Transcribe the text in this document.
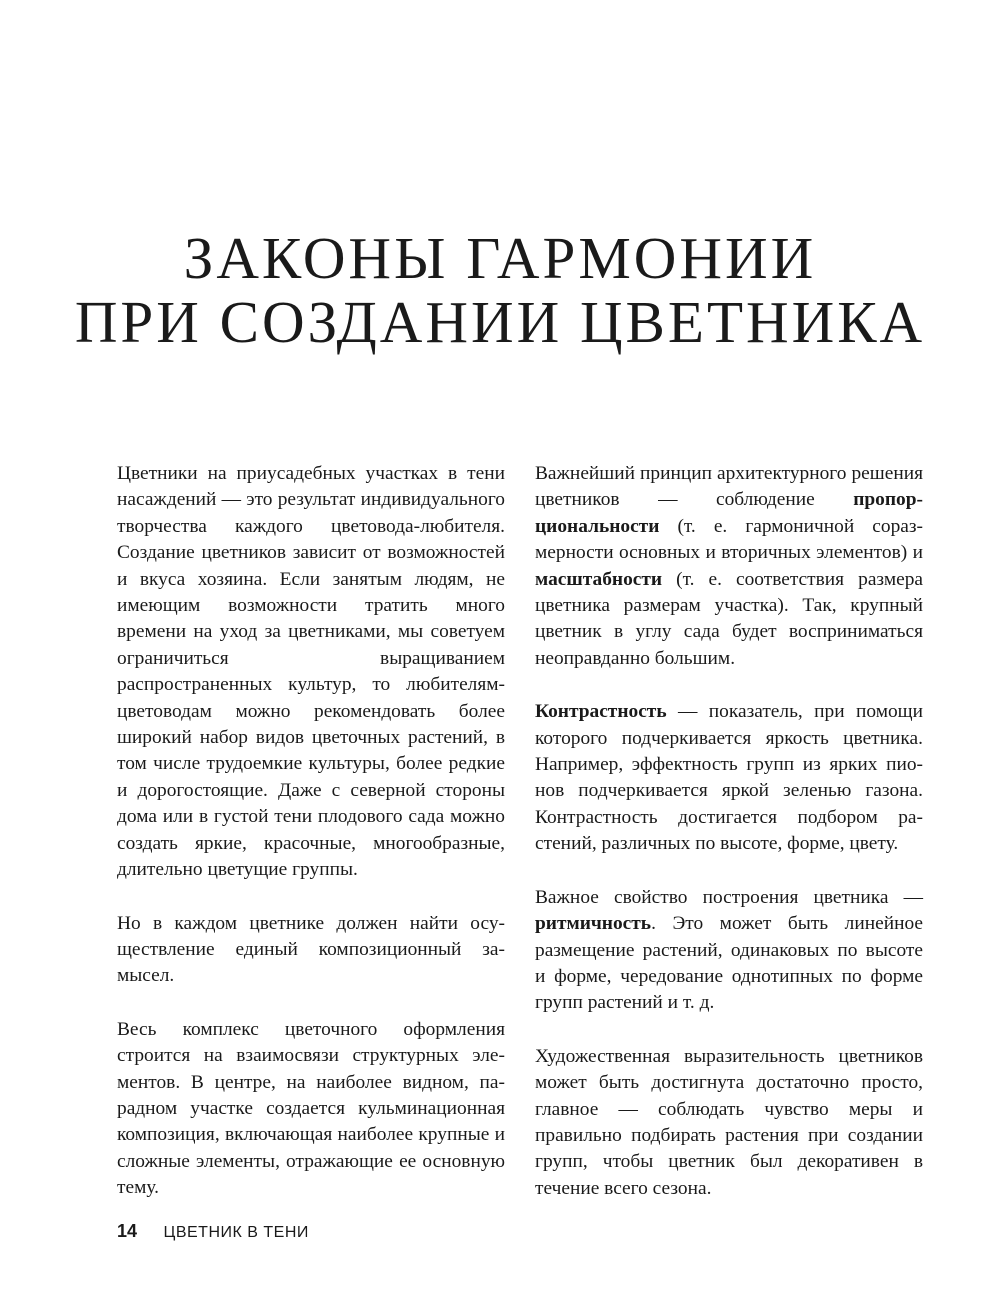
ЗАКОНЫ ГАРМОНИИ
ПРИ СОЗДАНИИ ЦВЕТНИКА

Цветники на приусадебных участках в тени насаждений — это результат индивидуального творчества каждого цветовода-любителя. Создание цветников зависит от возможностей и вкуса хозяина. Если занятым людям, не имеющим возможности тратить много времени на уход за цветниками, мы советуем ограничиться выращиванием распространенных культур, то любителям-цветоводам можно рекомендовать более широкий набор видов цветочных растений, в том числе трудоемкие культуры, более редкие и дорогостоящие. Даже с северной стороны дома или в густой тени плодового сада можно создать яркие, красочные, многообразные, длительно цветущие группы.

Но в каждом цветнике должен найти осуществление единый композиционный замысел.

Весь комплекс цветочного оформления строится на взаимосвязи структурных элементов. В центре, на наиболее видном, парадном участке создается кульминационная композиция, включающая наиболее крупные и сложные элементы, отражающие ее основную тему.

Важнейший принцип архитектурного решения цветников — соблюдение пропорциональности (т. е. гармоничной соразмерности основных и вторичных элементов) и масштабности (т. е. соответствия размера цветника размерам участка). Так, крупный цветник в углу сада будет восприниматься неоправданно большим.

Контрастность — показатель, при помощи которого подчеркивается яркость цветника. Например, эффектность групп из ярких пионов подчеркивается яркой зеленью газона. Контрастность достигается подбором растений, различных по высоте, форме, цвету.

Важное свойство построения цветника — ритмичность. Это может быть линейное размещение растений, одинаковых по высоте и форме, чередование однотипных по форме групп растений и т. д.

Художественная выразительность цветников может быть достигнута достаточно просто, главное — соблюдать чувство меры и правильно подбирать растения при создании групп, чтобы цветник был декоративен в течение всего сезона.

14 ЦВЕТНИК В ТЕНИ
